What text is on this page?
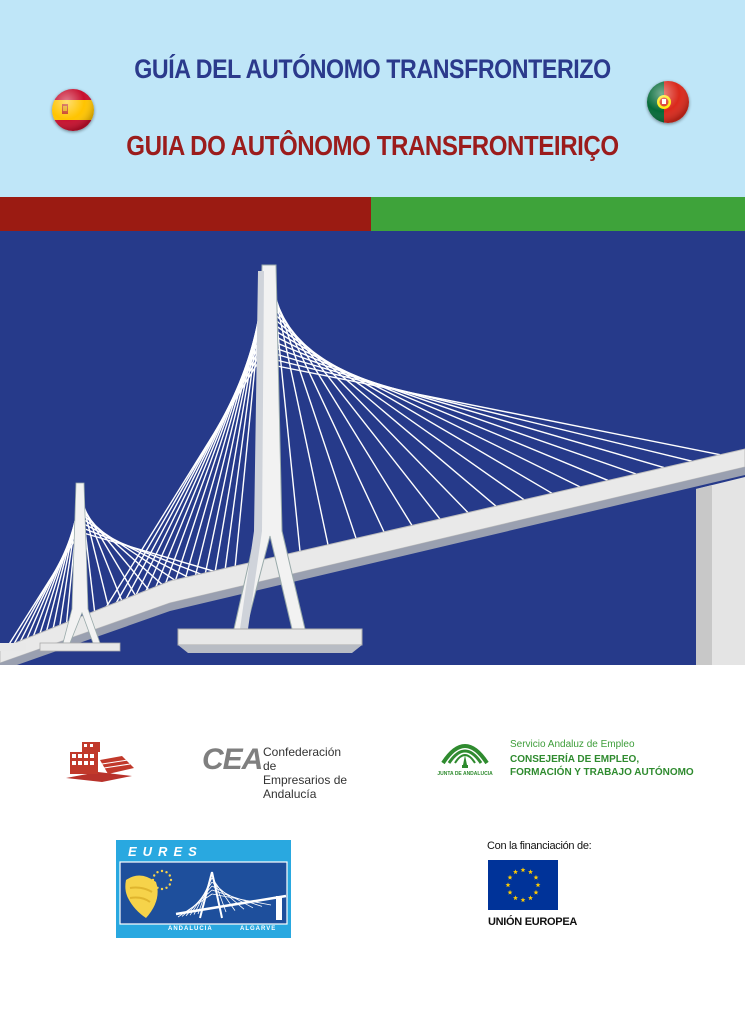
GUÍA DEL AUTÓNOMO TRANSFRONTERIZO
GUIA DO AUTÔNOMO TRANSFRONTEIRIÇO
CEA Confederación de
Empresarios de Andalucía
JUNTA DE ANDALUCIA
Servicio Andaluz de Empleo
CONSEJERÍA DE EMPLEO,
FORMACIÓN Y TRABAJO AUTÓNOMO
EURES
ANDALUCIA	ALGARVE
Con la financiación de:
UNIÓN EUROPEA
